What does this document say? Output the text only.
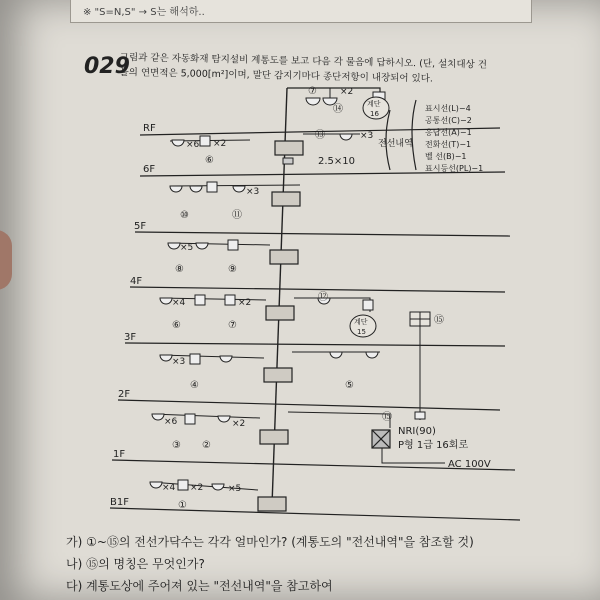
※ "S=N,S" → S는 해석하..
029
그림과 같은 자동화재 탐지설비 계통도를 보고 다음 각 물음에 답하시오. (단, 설치대상 건
물의 연면적은 5,000[m²]이며, 말단 감지기마다 종단저항이 내장되어 있다.
RF
6F
5F
4F
3F
2F
1F
B1F
×2
⑭
⑦
계단
16
×6 ×2
×3
⑬
⑥	2.5×10
전선내역
표시선(L)−4
공통선(C)−2
응답선(A)−1
전화선(T)−1
벨 선(B)−1
표시등선(PL)−1
×3
⑩	⑪
×5
⑧	⑨
×4	×2
⑥	⑦
⑫
계단
15
⑮
×3
④	⑤
×6	×2
③ ②
⑮
NRI(90)
P형 1급 16회로
AC 100V
×4 ×2	×5
①
가) ①~⑮의 전선가닥수는 각각 얼마인가? (계통도의 "전선내역"을 참조할 것)
나) ⑮의 명칭은 무엇인가?
다) 계통도상에 주어져 있는 "전선내역"을 참고하여
